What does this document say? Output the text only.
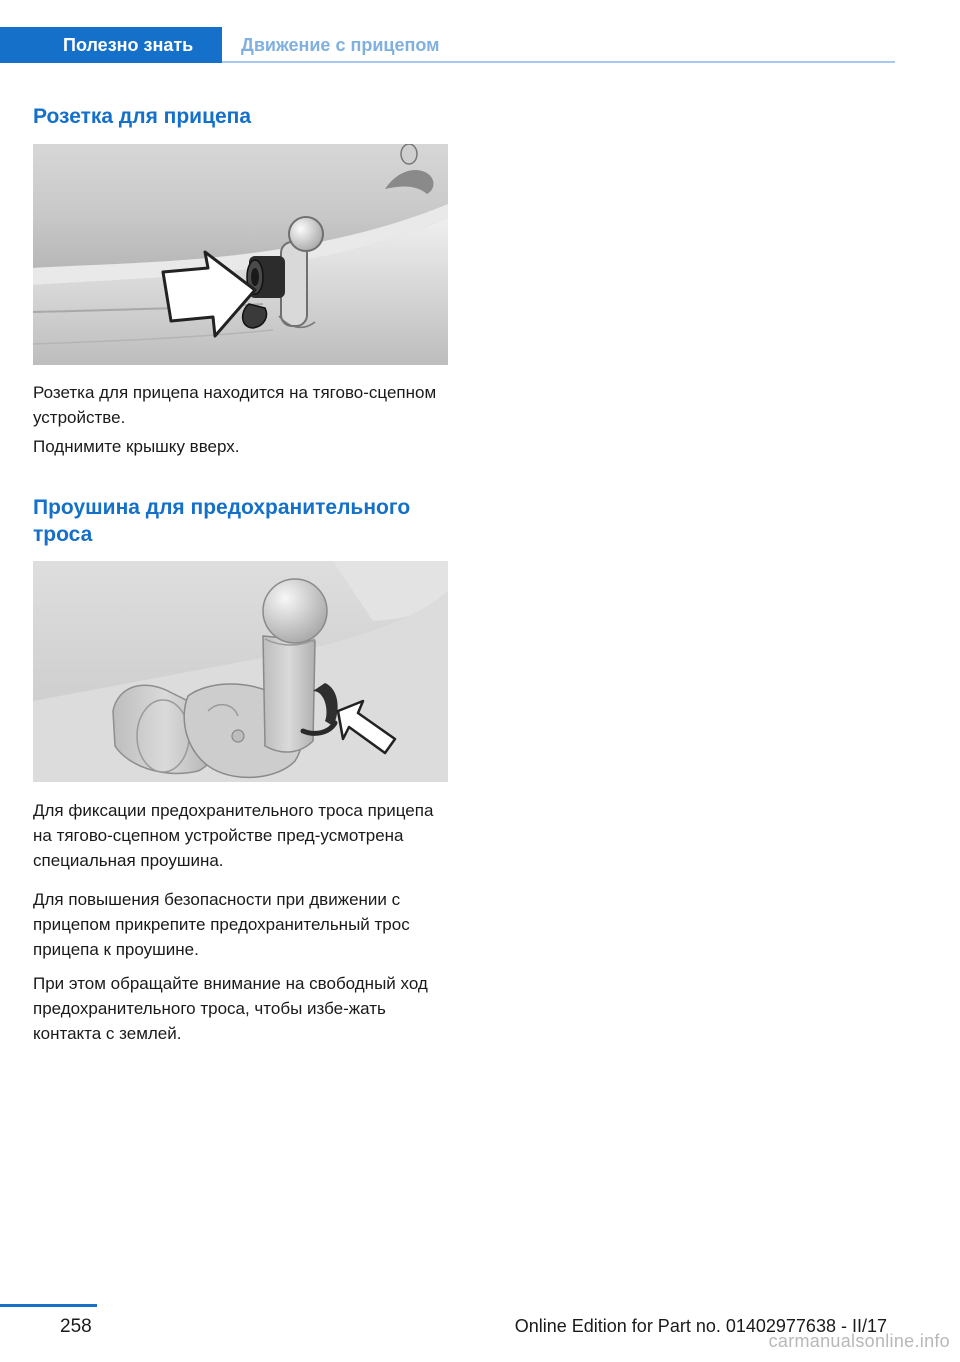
Полезно знать	Движение с прицепом
Розетка для прицепа
Розетка для прицепа находится на тягово-сцепном устройстве.
Поднимите крышку вверх.
Проушина для предохранительного троса
Для фиксации предохранительного троса прицепа на тягово-сцепном устройстве пред-усмотрена специальная проушина.
Для повышения безопасности при движении с прицепом прикрепите предохранительный трос прицепа к проушине.
При этом обращайте внимание на свободный ход предохранительного троса, чтобы избе-жать контакта с землей.
258	Online Edition for Part no. 01402977638 - II/17
carmanualsonline.info
